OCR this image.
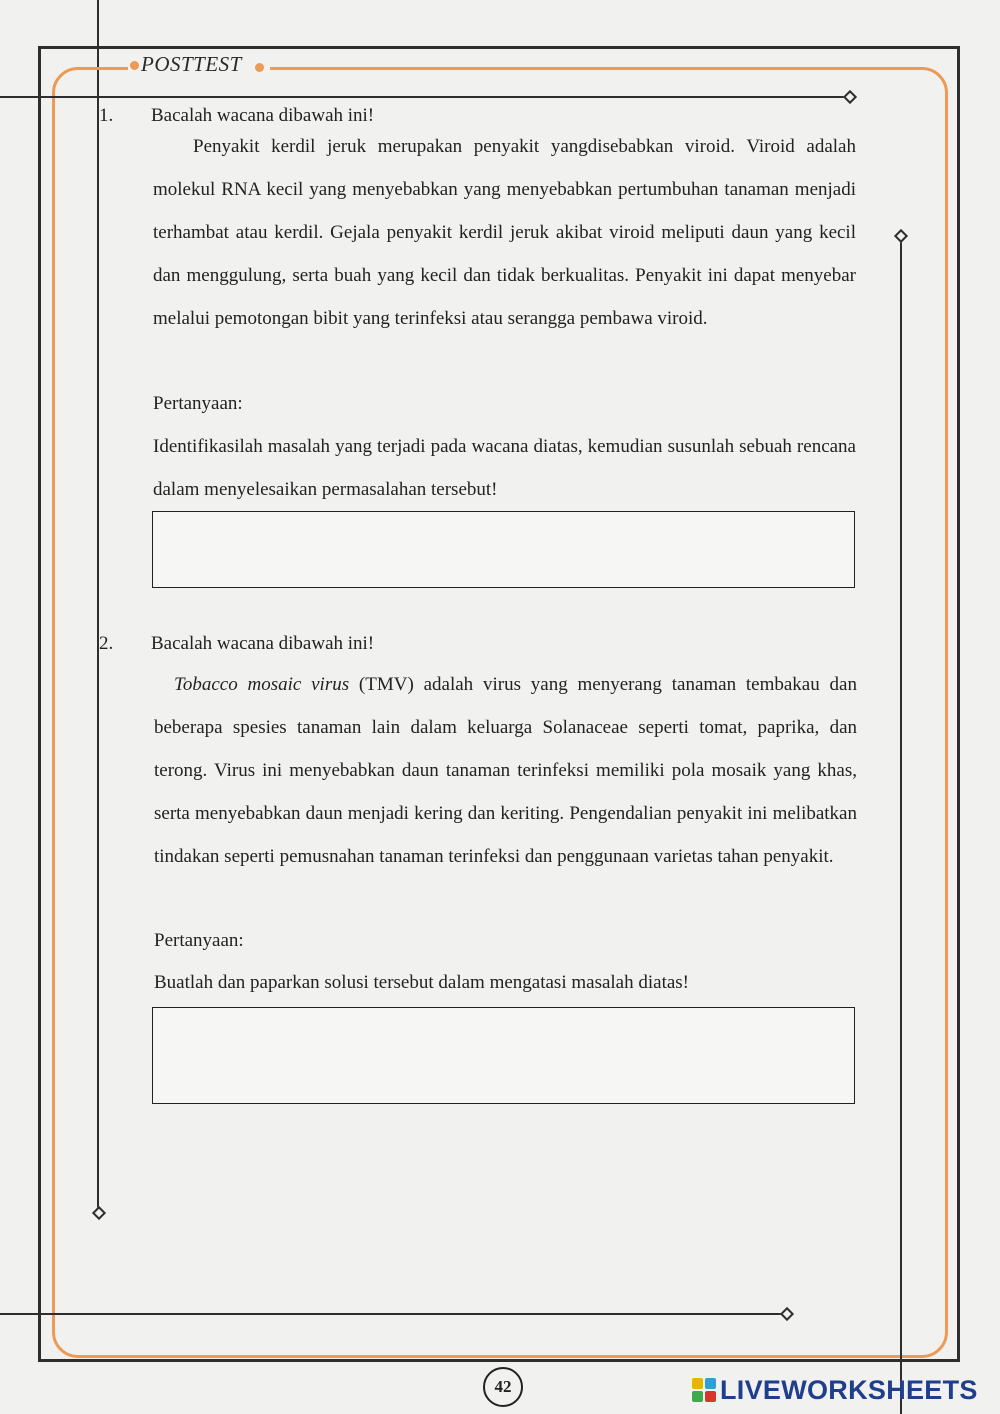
POSTTEST
1. Bacalah wacana dibawah ini!

Penyakit kerdil jeruk merupakan penyakit yangdisebabkan viroid. Viroid adalah molekul RNA kecil yang menyebabkan yang menyebabkan pertumbuhan tanaman menjadi terhambat atau kerdil. Gejala penyakit kerdil jeruk akibat viroid meliputi daun yang kecil dan menggulung, serta buah yang kecil dan tidak berkualitas. Penyakit ini dapat menyebar melalui pemotongan bibit yang terinfeksi atau serangga pembawa viroid.

Pertanyaan:

Identifikasilah masalah yang terjadi pada wacana diatas, kemudian susunlah sebuah rencana dalam menyelesaikan permasalahan tersebut!

2. Bacalah wacana dibawah ini!

Tobacco mosaic virus (TMV) adalah virus yang menyerang tanaman tembakau dan beberapa spesies tanaman lain dalam keluarga Solanaceae seperti tomat, paprika, dan terong. Virus ini menyebabkan daun tanaman terinfeksi memiliki pola mosaik yang khas, serta menyebabkan daun menjadi kering dan keriting. Pengendalian penyakit ini melibatkan tindakan seperti pemusnahan tanaman terinfeksi dan penggunaan varietas tahan penyakit.

Pertanyaan:
Buatlah dan paparkan solusi tersebut dalam mengatasi masalah diatas!
42	LIVEWORKSHEETS
